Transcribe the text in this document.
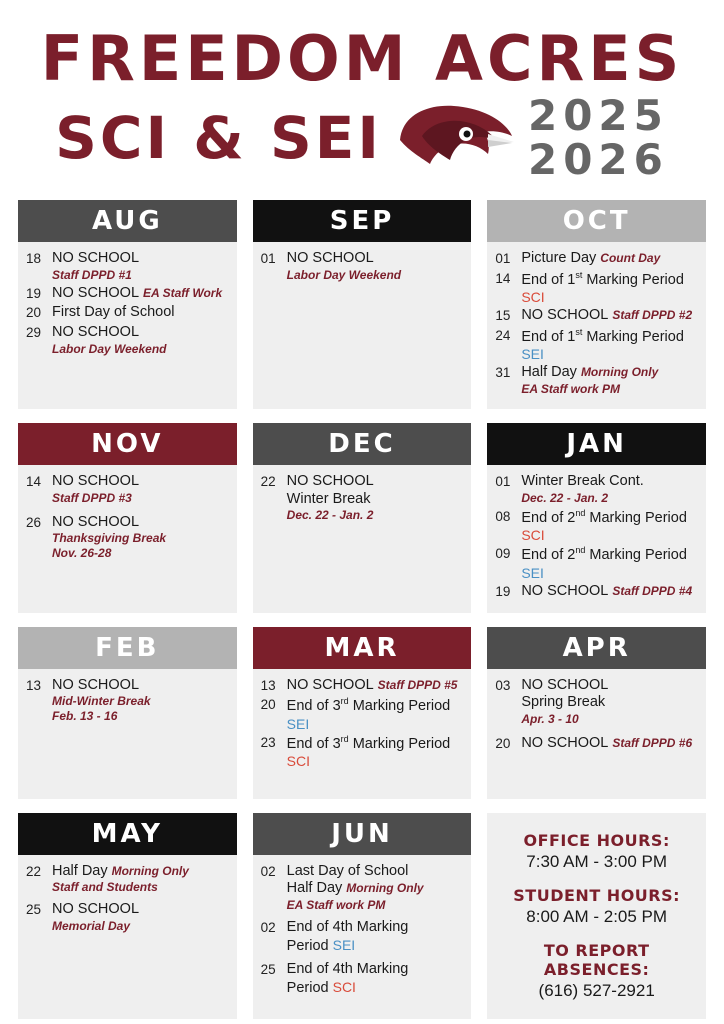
FREEDOM ACRES
SCI & SEI	2025
2026
AUG
18 NO SCHOOL
Staff DPPD #1
19 NO SCHOOL EA Staff Work
20 First Day of School
29 NO SCHOOL
Labor Day Weekend
SEP
01 NO SCHOOL
Labor Day Weekend
OCT
01 Picture Day Count Day
14 End of 1st Marking Period
SCI
15 NO SCHOOL Staff DPPD #2
24 End of 1st Marking Period
SEI
31 Half Day Morning Only
EA Staff work PM
NOV
14 NO SCHOOL
Staff DPPD #3
26 NO SCHOOL
Thanksgiving Break
Nov. 26-28
DEC
22 NO SCHOOL
Winter Break
Dec. 22 - Jan. 2
JAN
01 Winter Break Cont.
Dec. 22 - Jan. 2
08 End of 2nd Marking Period
SCI
09 End of 2nd Marking Period
SEI
19 NO SCHOOL Staff DPPD #4
FEB
13 NO SCHOOL
Mid-Winter Break
Feb. 13 - 16
MAR
13 NO SCHOOL Staff DPPD #5
20 End of 3rd Marking Period
SEI
23 End of 3rd Marking Period
SCI
APR
03 NO SCHOOL
Spring Break
Apr. 3 - 10
20 NO SCHOOL Staff DPPD #6
MAY
22 Half Day Morning Only
Staff and Students
25 NO SCHOOL
Memorial Day
JUN
02 Last Day of School
Half Day Morning Only
EA Staff work PM
02 End of 4th Marking
Period SEI
25 End of 4th Marking
Period SCI
OFFICE HOURS:
7:30 AM - 3:00 PM
STUDENT HOURS:
8:00 AM - 2:05 PM
TO REPORT ABSENCES:
(616) 527-2921
